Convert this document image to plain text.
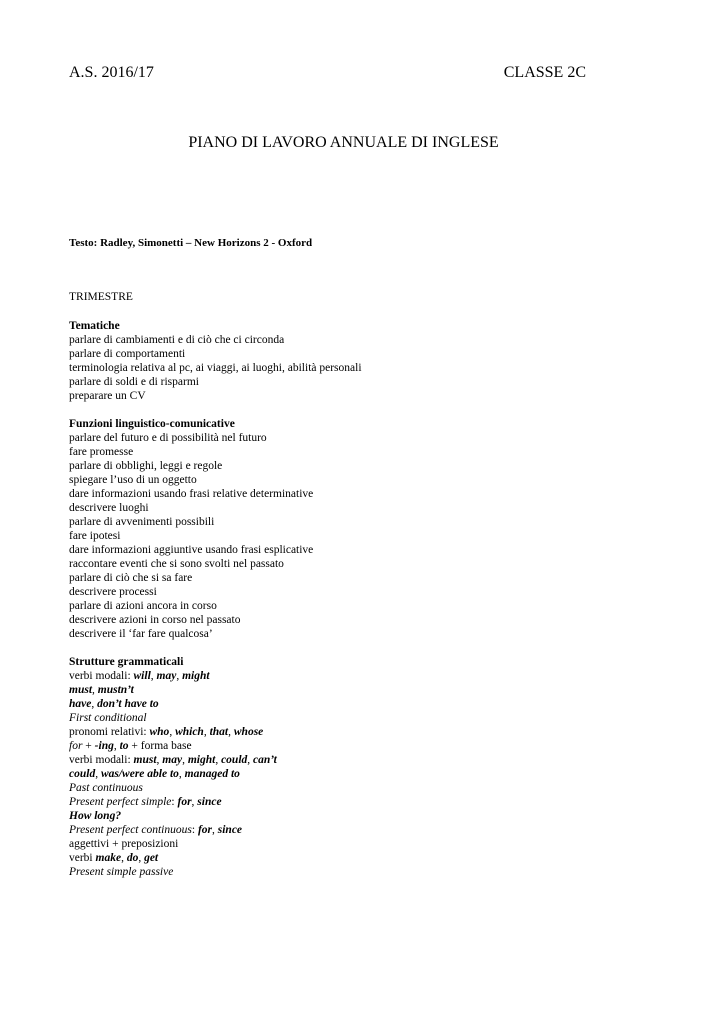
A.S. 2016/17	CLASSE 2C
PIANO DI LAVORO ANNUALE DI INGLESE
Testo: Radley, Simonetti – New Horizons 2 - Oxford
TRIMESTRE
Tematiche
parlare di cambiamenti e di ciò che ci circonda
parlare di comportamenti
terminologia relativa al pc, ai viaggi, ai luoghi, abilità personali
parlare di soldi e di risparmi
preparare un CV
Funzioni linguistico-comunicative
parlare del futuro e di possibilità nel futuro
fare promesse
parlare di obblighi, leggi e regole
spiegare l’uso di un oggetto
dare informazioni usando frasi relative determinative
descrivere luoghi
parlare di avvenimenti possibili
fare ipotesi
dare informazioni aggiuntive usando frasi esplicative
raccontare eventi che si sono svolti nel passato
parlare di ciò che si sa fare
descrivere processi
parlare di azioni ancora in corso
descrivere azioni in corso nel passato
descrivere il ‘far fare qualcosa’
Strutture grammaticali
verbi modali: will, may, might
must, mustn’t
have, don’t have to
First conditional
pronomi relativi: who, which, that, whose
for + -ing, to + forma base
verbi modali: must, may, might, could, can’t
could, was/were able to, managed to
Past continuous
Present perfect simple: for, since
How long?
Present perfect continuous: for, since
aggettivi + preposizioni
verbi make, do, get
Present simple passive
